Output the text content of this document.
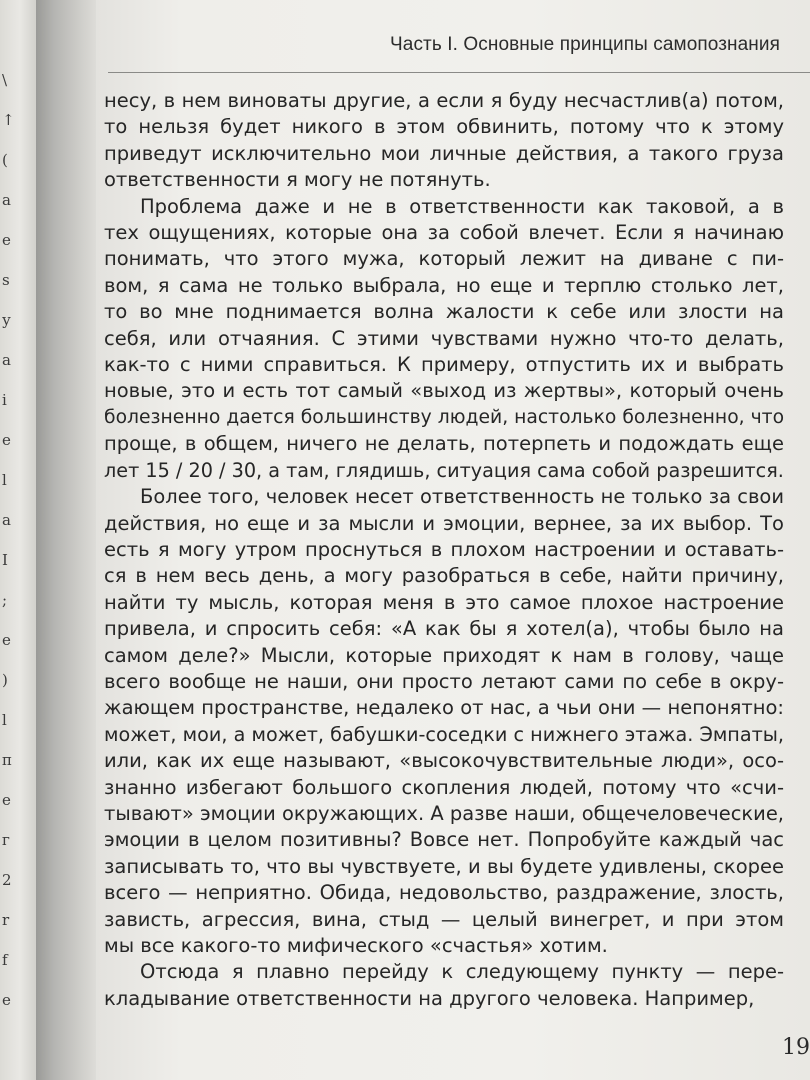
\
↑
(
а
e
s
у
а
i
e
l
a
I
;
е
)
l
п
e
г
2
r
f
е
Часть I. Основные принципы самопознания

несу, в нем виноваты другие, а если я буду несчастлив(а) потом,
то нельзя будет никого в этом обвинить, потому что к этому
приведут исключительно мои личные действия, а такого груза
ответственности я могу не потянуть.

Проблема даже и не в ответственности как таковой, а в
тех ощущениях, которые она за собой влечет. Если я начинаю
понимать, что этого мужа, который лежит на диване с пи-
вом, я сама не только выбрала, но еще и терплю столько лет,
то во мне поднимается волна жалости к себе или злости на
себя, или отчаяния. С этими чувствами нужно что-то делать,
как-то с ними справиться. К примеру, отпустить их и выбрать
новые, это и есть тот самый «выход из жертвы», который очень
болезненно дается большинству людей, настолько болезненно, что
проще, в общем, ничего не делать, потерпеть и подождать еще
лет 15 / 20 / 30, а там, глядишь, ситуация сама собой разрешится.

Более того, человек несет ответственность не только за свои
действия, но еще и за мысли и эмоции, вернее, за их выбор. То
есть я могу утром проснуться в плохом настроении и оставать-
ся в нем весь день, а могу разобраться в себе, найти причину,
найти ту мысль, которая меня в это самое плохое настроение
привела, и спросить себя: «А как бы я хотел(а), чтобы было на
самом деле?» Мысли, которые приходят к нам в голову, чаще
всего вообще не наши, они просто летают сами по себе в окру-
жающем пространстве, недалеко от нас, а чьи они — непонятно:
может, мои, а может, бабушки-соседки с нижнего этажа. Эмпаты,
или, как их еще называют, «высокочувствительные люди», осо-
знанно избегают большого скопления людей, потому что «счи-
тывают» эмоции окружающих. А разве наши, общечеловеческие,
эмоции в целом позитивны? Вовсе нет. Попробуйте каждый час
записывать то, что вы чувствуете, и вы будете удивлены, скорее
всего — неприятно. Обида, недовольство, раздражение, злость,
зависть, агрессия, вина, стыд — целый винегрет, и при этом
мы все какого-то мифического «счастья» хотим.

Отсюда я плавно перейду к следующему пункту — пере-
кладывание ответственности на другого человека. Например,

19
